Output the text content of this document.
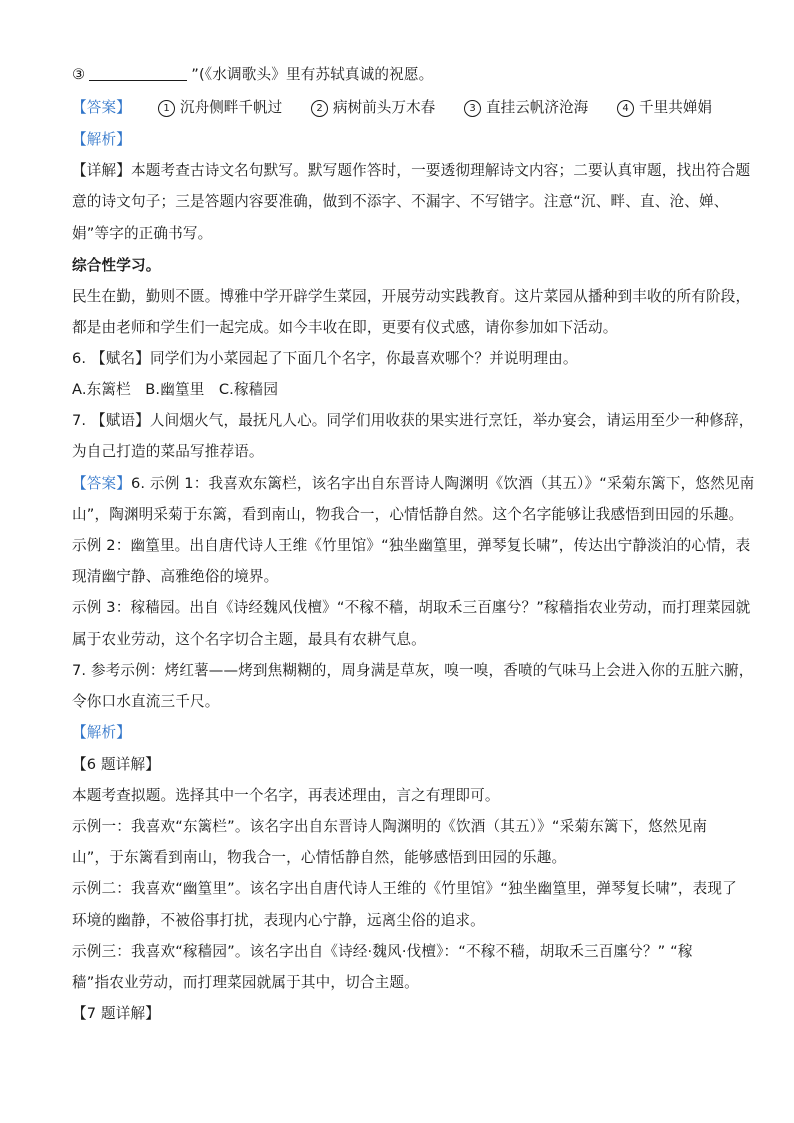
③	”(《水调歌头》里有苏轼真诚的祝愿。
【答案】	1 沉舟侧畔千帆过	2 病树前头万木春	3 直挂云帆济沧海	4 千里共婵娟
【解析】
【详解】本题考查古诗文名句默写。默写题作答时，一要透彻理解诗文内容；二要认真审题，找出符合题
意的诗文句子；三是答题内容要准确，做到不添字、不漏字、不写错字。注意“沉、畔、直、沧、婵、
娟”等字的正确书写。
综合性学习。
民生在勤，勤则不匮。博雅中学开辟学生菜园，开展劳动实践教育。这片菜园从播种到丰收的所有阶段，
都是由老师和学生们一起完成。如今丰收在即，更要有仪式感，请你参加如下活动。
6. 【赋名】同学们为小菜园起了下面几个名字，你最喜欢哪个？并说明理由。
A.东篱栏   B.幽篁里   C.稼穑园
7. 【赋语】人间烟火气，最抚凡人心。同学们用收获的果实进行烹饪，举办宴会，请运用至少一种修辞，
为自己打造的菜品写推荐语。
【答案】6. 示例 1：我喜欢东篱栏，该名字出自东晋诗人陶渊明《饮酒（其五）》“采菊东篱下，悠然见南
山”，陶渊明采菊于东篱，看到南山，物我合一，心情恬静自然。这个名字能够让我感悟到田园的乐趣。
示例 2：幽篁里。出自唐代诗人王维《竹里馆》“独坐幽篁里，弹琴复长啸”，传达出宁静淡泊的心情，表
现清幽宁静、高雅绝俗的境界。
示例 3：稼穑园。出自《诗经魏风伐檀》“不稼不穑，胡取禾三百廛兮？”稼穑指农业劳动，而打理菜园就
属于农业劳动，这个名字切合主题，最具有农耕气息。
7. 参考示例：烤红薯——烤到焦糊糊的，周身满是草灰，嗅一嗅，香喷的气味马上会进入你的五脏六腑，
令你口水直流三千尺。
【解析】
【6 题详解】
本题考查拟题。选择其中一个名字，再表述理由，言之有理即可。
示例一：我喜欢“东篱栏”。该名字出自东晋诗人陶渊明的《饮酒（其五）》“采菊东篱下，悠然见南
山”，于东篱看到南山，物我合一，心情恬静自然，能够感悟到田园的乐趣。
示例二：我喜欢“幽篁里”。该名字出自唐代诗人王维的《竹里馆》“独坐幽篁里，弹琴复长啸”，表现了
环境的幽静，不被俗事打扰，表现内心宁静，远离尘俗的追求。
示例三：我喜欢“稼穑园”。该名字出自《诗经·魏风·伐檀》：“不稼不穑，胡取禾三百廛兮？” “稼
穑”指农业劳动，而打理菜园就属于其中，切合主题。
【7 题详解】
